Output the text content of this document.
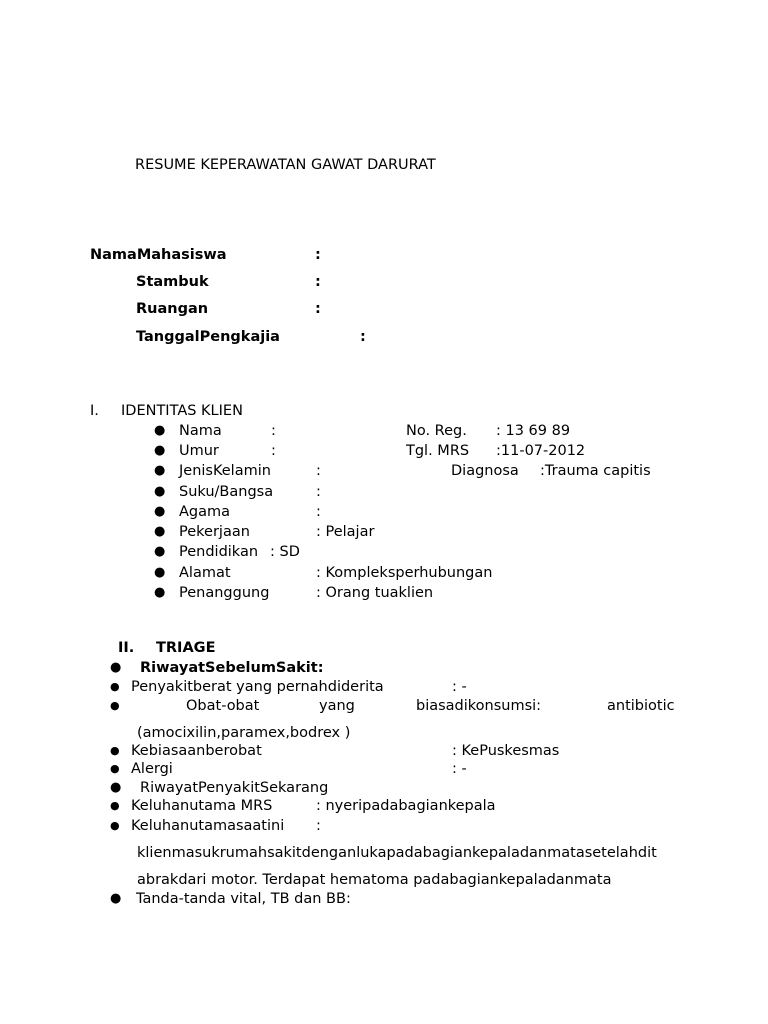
RESUME KEPERAWATAN GAWAT DARURAT
NamaMahasiswa	:
Stambuk	:
Ruangan	:
TanggalPengkajia	:
I. IDENTITAS KLIEN
● Nama	:	No. Reg. : 13 69 89
● Umur	:	Tgl. MRS :11-07-2012
● JenisKelamin	:	Diagnosa :Trauma capitis
● Suku/Bangsa	:
● Agama	:
● Pekerjaan	: Pelajar
● Pendidikan : SD
● Alamat	: Kompleksperhubungan
● Penanggung	: Orang tuaklien
II. TRIAGE
● RiwayatSebelumSakit:
● Penyakitberat yang pernahdiderita	: -
●	Obat-obat	yang	biasadikonsumsi:	antibiotic
(amocixilin,paramex,bodrex )
● Kebiasaanberobat	: KePuskesmas
● Alergi	: -
● RiwayatPenyakitSekarang
● Keluhanutama MRS	: nyeripadabagiankepala
● Keluhanutamasaatini :
klienmasukrumahsakitdenganlukapadabagiankepaladanmatasetelahdit
abrakdari motor. Terdapat hematoma padabagiankepaladanmata
● Tanda-tanda vital, TB dan BB:
